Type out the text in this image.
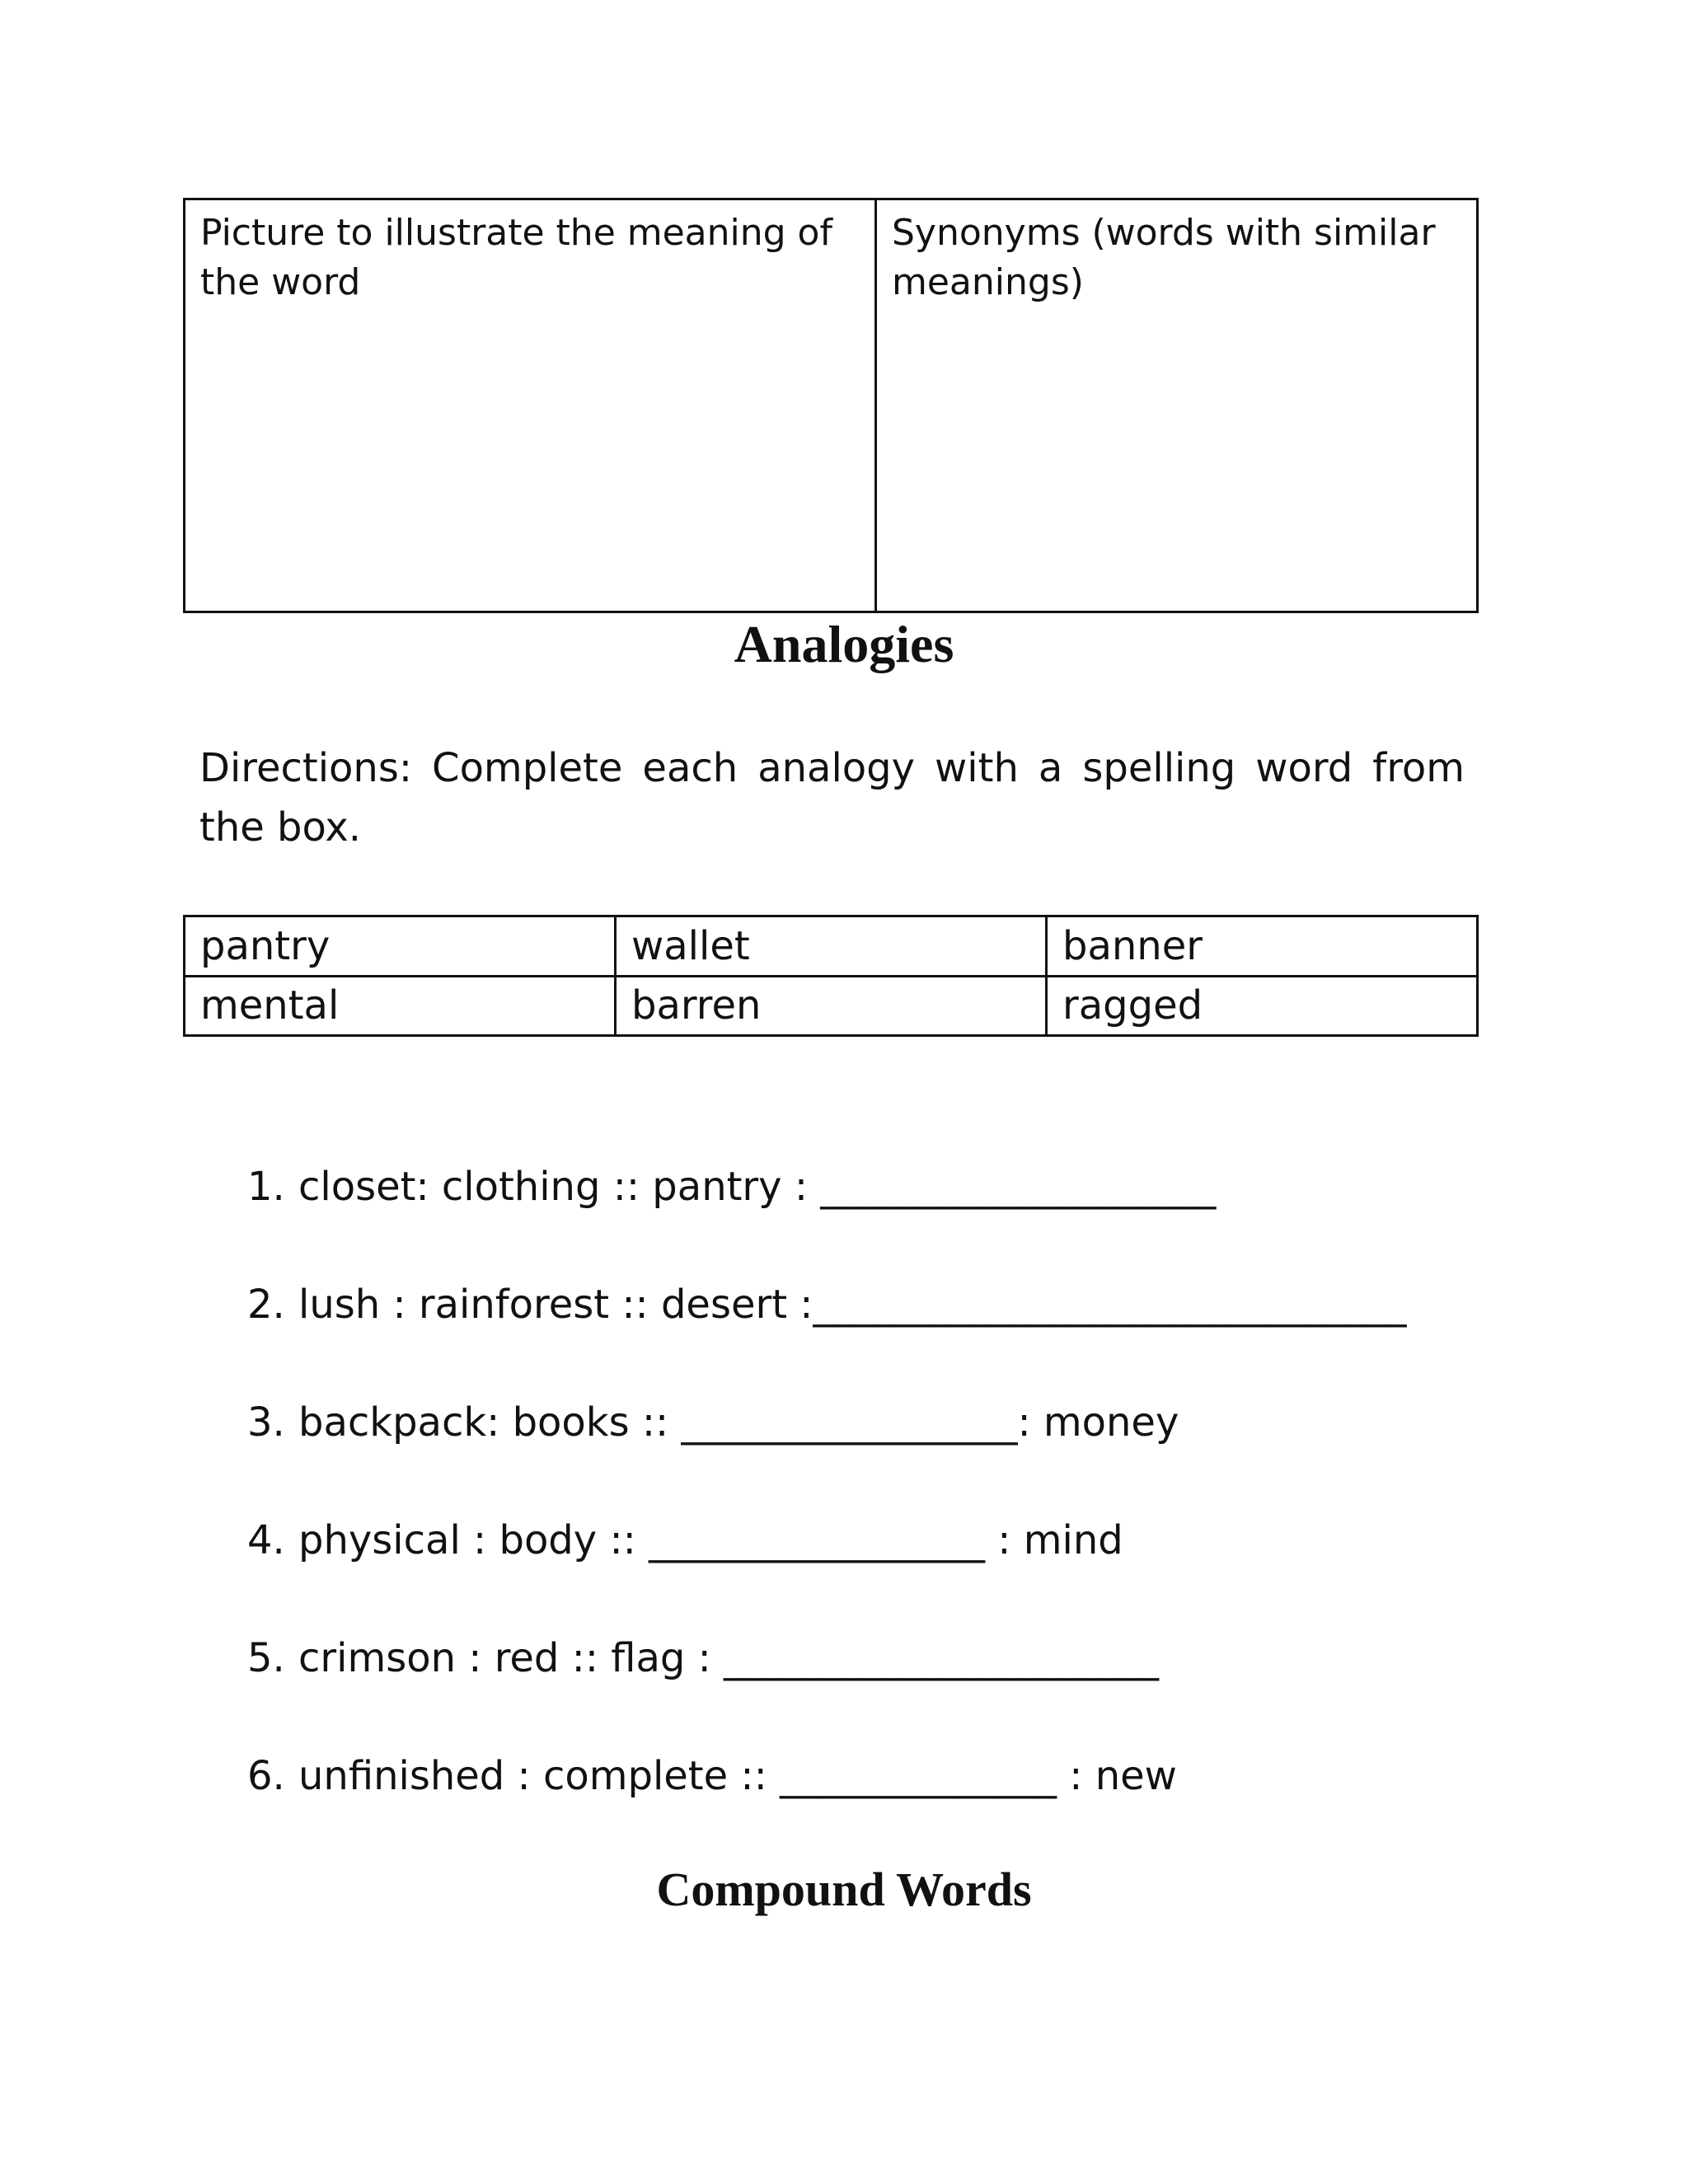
Picture to illustrate the meaning of the word	Synonyms (words with similar meanings)
Analogies

Directions: Complete each analogy with a spelling word from the box.

pantry	wallet	banner
mental	barren	ragged
1. closet: clothing :: pantry : ____________________
2. lush : rainforest :: desert :______________________________
3. backpack: books :: _________________: money
4. physical : body :: _________________ : mind
5. crimson : red :: flag : ______________________
6. unfinished : complete :: ______________ : new
Compound Words
